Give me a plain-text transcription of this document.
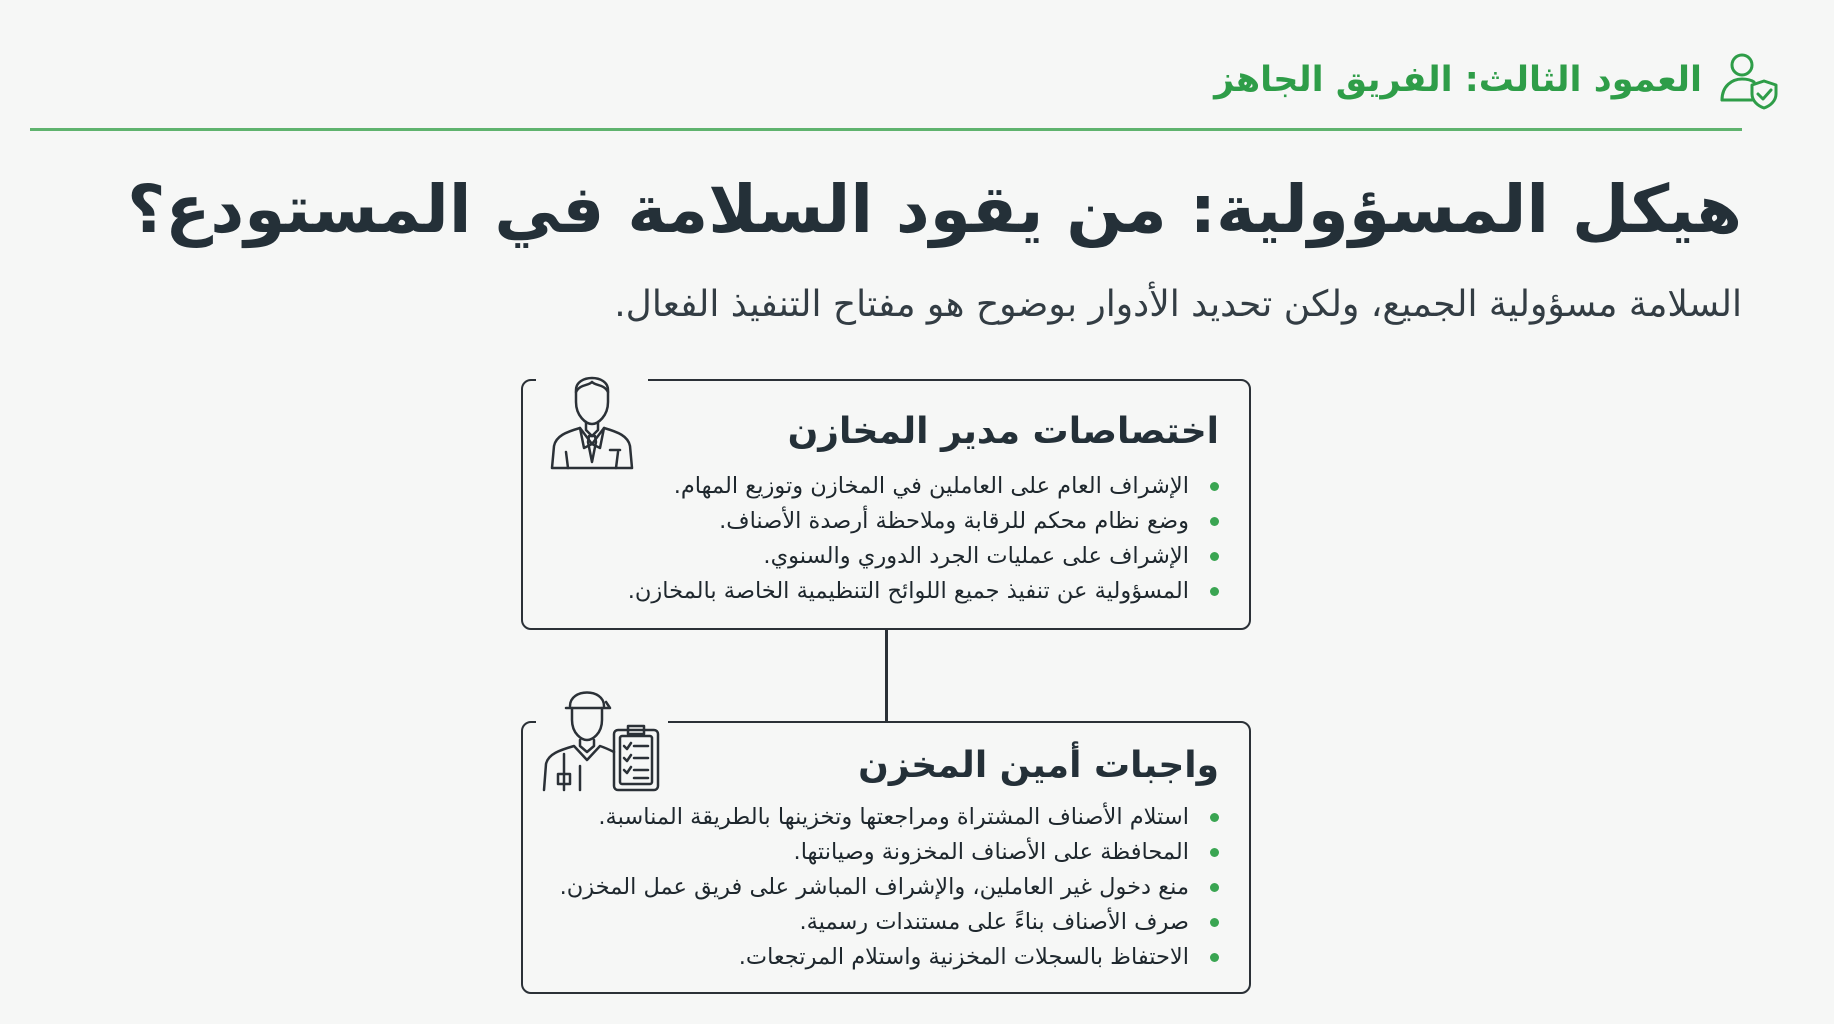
العمود الثالث: الفريق الجاهز
هيكل المسؤولية: من يقود السلامة في المستودع؟
السلامة مسؤولية الجميع، ولكن تحديد الأدوار بوضوح هو مفتاح التنفيذ الفعال.
اختصاصات مدير المخازن
الإشراف العام على العاملين في المخازن وتوزيع المهام.
وضع نظام محكم للرقابة وملاحظة أرصدة الأصناف.
الإشراف على عمليات الجرد الدوري والسنوي.
المسؤولية عن تنفيذ جميع اللوائح التنظيمية الخاصة بالمخازن.
واجبات أمين المخزن
استلام الأصناف المشتراة ومراجعتها وتخزينها بالطريقة المناسبة.
المحافظة على الأصناف المخزونة وصيانتها.
منع دخول غير العاملين، والإشراف المباشر على فريق عمل المخزن.
صرف الأصناف بناءً على مستندات رسمية.
الاحتفاظ بالسجلات المخزنية واستلام المرتجعات.
